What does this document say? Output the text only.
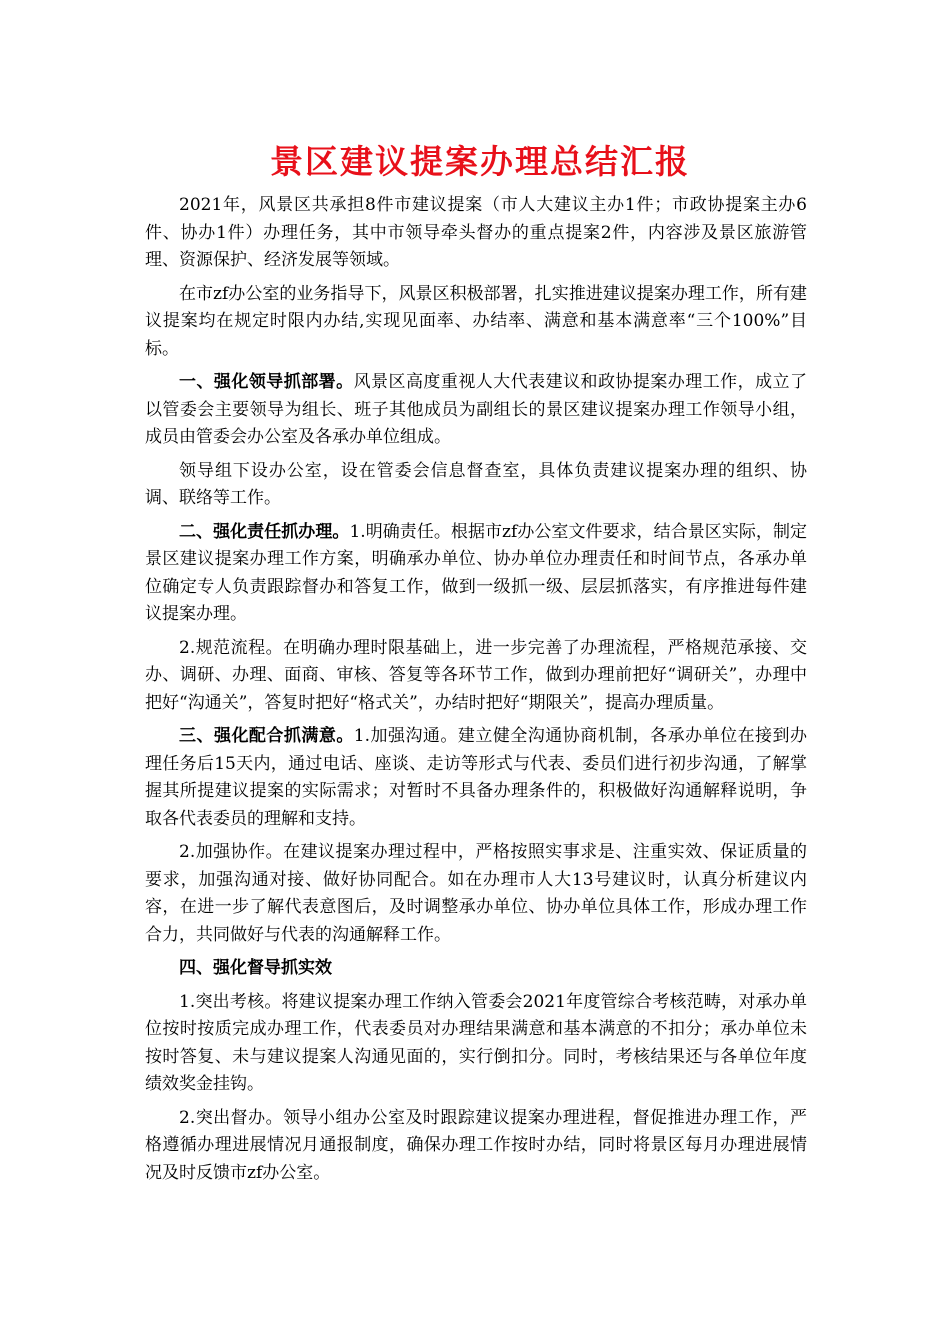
景区建议提案办理总结汇报

2021年，风景区共承担8件市建议提案（市人大建议主办1件；市政协提案主办6件、协办1件）办理任务，其中市领导牵头督办的重点提案2件，内容涉及景区旅游管理、资源保护、经济发展等领域。

在市zf办公室的业务指导下，风景区积极部署，扎实推进建议提案办理工作，所有建议提案均在规定时限内办结,实现见面率、办结率、满意和基本满意率“三个100%”目标。

一、强化领导抓部署。风景区高度重视人大代表建议和政协提案办理工作，成立了以管委会主要领导为组长、班子其他成员为副组长的景区建议提案办理工作领导小组，成员由管委会办公室及各承办单位组成。

领导组下设办公室，设在管委会信息督查室，具体负责建议提案办理的组织、协调、联络等工作。

二、强化责任抓办理。1.明确责任。根据市zf办公室文件要求，结合景区实际，制定景区建议提案办理工作方案，明确承办单位、协办单位办理责任和时间节点，各承办单位确定专人负责跟踪督办和答复工作，做到一级抓一级、层层抓落实，有序推进每件建议提案办理。

2.规范流程。在明确办理时限基础上，进一步完善了办理流程，严格规范承接、交办、调研、办理、面商、审核、答复等各环节工作，做到办理前把好“调研关”，办理中把好“沟通关”，答复时把好“格式关”，办结时把好“期限关”，提高办理质量。

三、强化配合抓满意。1.加强沟通。建立健全沟通协商机制，各承办单位在接到办理任务后15天内，通过电话、座谈、走访等形式与代表、委员们进行初步沟通，了解掌握其所提建议提案的实际需求；对暂时不具备办理条件的，积极做好沟通解释说明，争取各代表委员的理解和支持。

2.加强协作。在建议提案办理过程中，严格按照实事求是、注重实效、保证质量的要求，加强沟通对接、做好协同配合。如在办理市人大13号建议时，认真分析建议内容，在进一步了解代表意图后，及时调整承办单位、协办单位具体工作，形成办理工作合力，共同做好与代表的沟通解释工作。

四、强化督导抓实效

1.突出考核。将建议提案办理工作纳入管委会2021年度管综合考核范畴，对承办单位按时按质完成办理工作，代表委员对办理结果满意和基本满意的不扣分；承办单位未按时答复、未与建议提案人沟通见面的，实行倒扣分。同时，考核结果还与各单位年度绩效奖金挂钩。

2.突出督办。领导小组办公室及时跟踪建议提案办理进程，督促推进办理工作，严格遵循办理进展情况月通报制度，确保办理工作按时办结，同时将景区每月办理进展情况及时反馈市zf办公室。
